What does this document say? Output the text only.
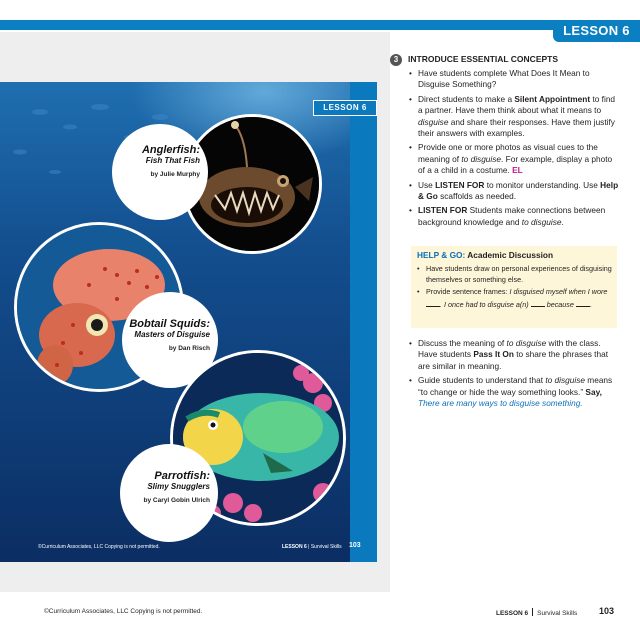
LESSON 6
LESSON 6
Anglerfish:
Fish That Fish
by Julie Murphy
Bobtail Squids:
Masters of Disguise
by Dan Risch
Parrotfish:
Slimy Snugglers
by Caryl Gobin Ulrich
©Curriculum Associates, LLC Copying is not permitted.	LESSON 6 | Survival Skills 103
3	INTRODUCE ESSENTIAL CONCEPTS
• Have students complete What Does It Mean to Disguise Something?
• Direct students to make a Silent Appointment to find a partner. Have them think about what it means to disguise and share their responses. Have them justify their answers with examples.
• Provide one or more photos as visual cues to the meaning of to disguise. For example, display a photo of a a child in a costume. EL
• Use LISTEN FOR to monitor understanding. Use Help & Go scaffolds as needed.
• LISTEN FOR Students make connections between background knowledge and to disguise.
HELP & GO: Academic Discussion
• Have students draw on personal experiences of disguising themselves or something else.
• Provide sentence frames: I disguised myself when I wore . I once had to disguise a(n)	because .
• Discuss the meaning of to disguise with the class. Have students Pass It On to share the phrases that are similar in meaning.
• Guide students to understand that to disguise means “to change or hide the way something looks.” Say, There are many ways to disguise something.
©Curriculum Associates, LLC Copying is not permitted.	LESSON 6 Survival Skills 103
